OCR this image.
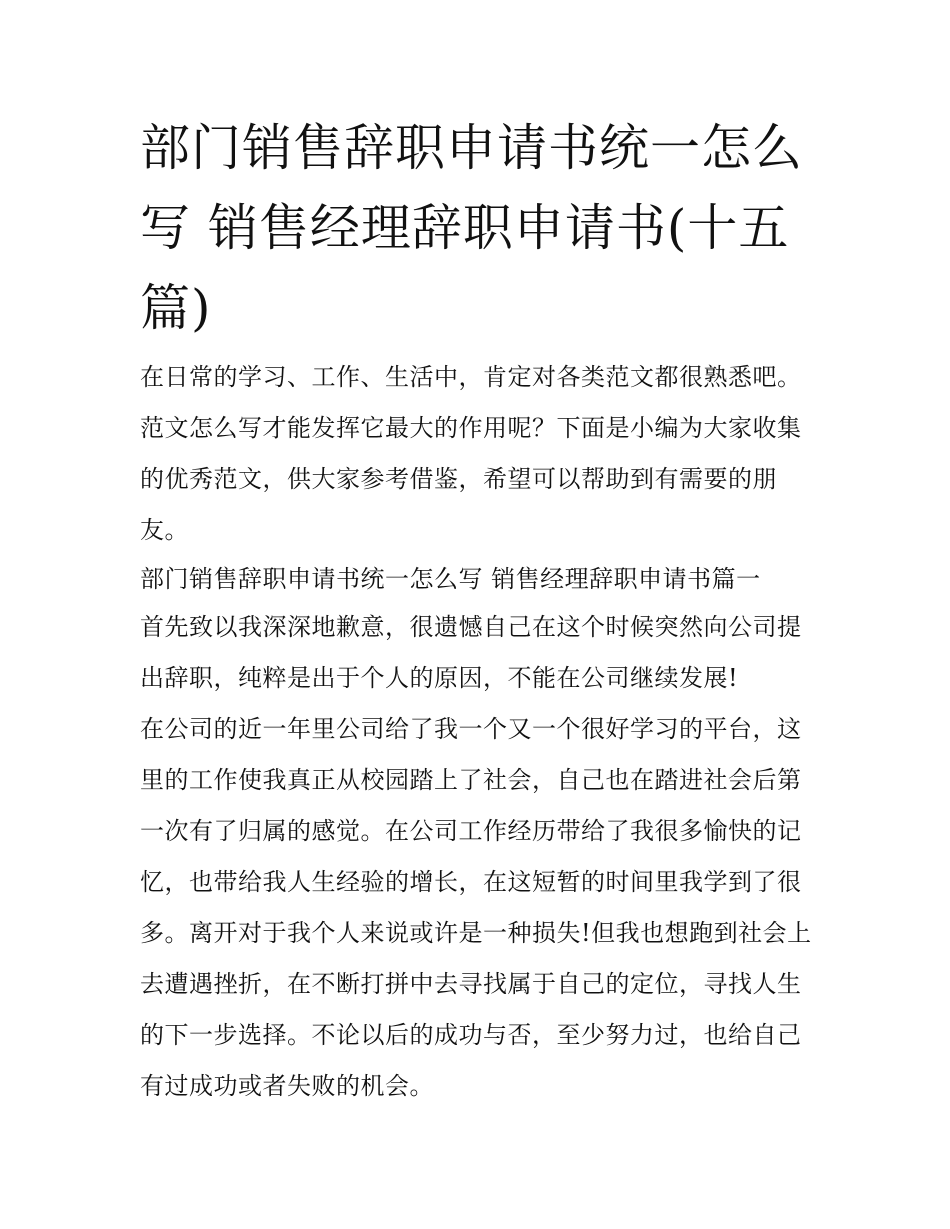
部门销售辞职申请书统一怎么写 销售经理辞职申请书(十五篇)

在日常的学习、工作、生活中，肯定对各类范文都很熟悉吧。范文怎么写才能发挥它最大的作用呢？下面是小编为大家收集的优秀范文，供大家参考借鉴，希望可以帮助到有需要的朋友。

部门销售辞职申请书统一怎么写 销售经理辞职申请书篇一

首先致以我深深地歉意，很遗憾自己在这个时候突然向公司提出辞职，纯粹是出于个人的原因，不能在公司继续发展!

在公司的近一年里公司给了我一个又一个很好学习的平台，这里的工作使我真正从校园踏上了社会，自己也在踏进社会后第一次有了归属的感觉。在公司工作经历带给了我很多愉快的记忆，也带给我人生经验的增长，在这短暂的时间里我学到了很多。离开对于我个人来说或许是一种损失!但我也想跑到社会上去遭遇挫折，在不断打拼中去寻找属于自己的定位，寻找人生的下一步选择。不论以后的成功与否，至少努力过，也给自己有过成功或者失败的机会。
